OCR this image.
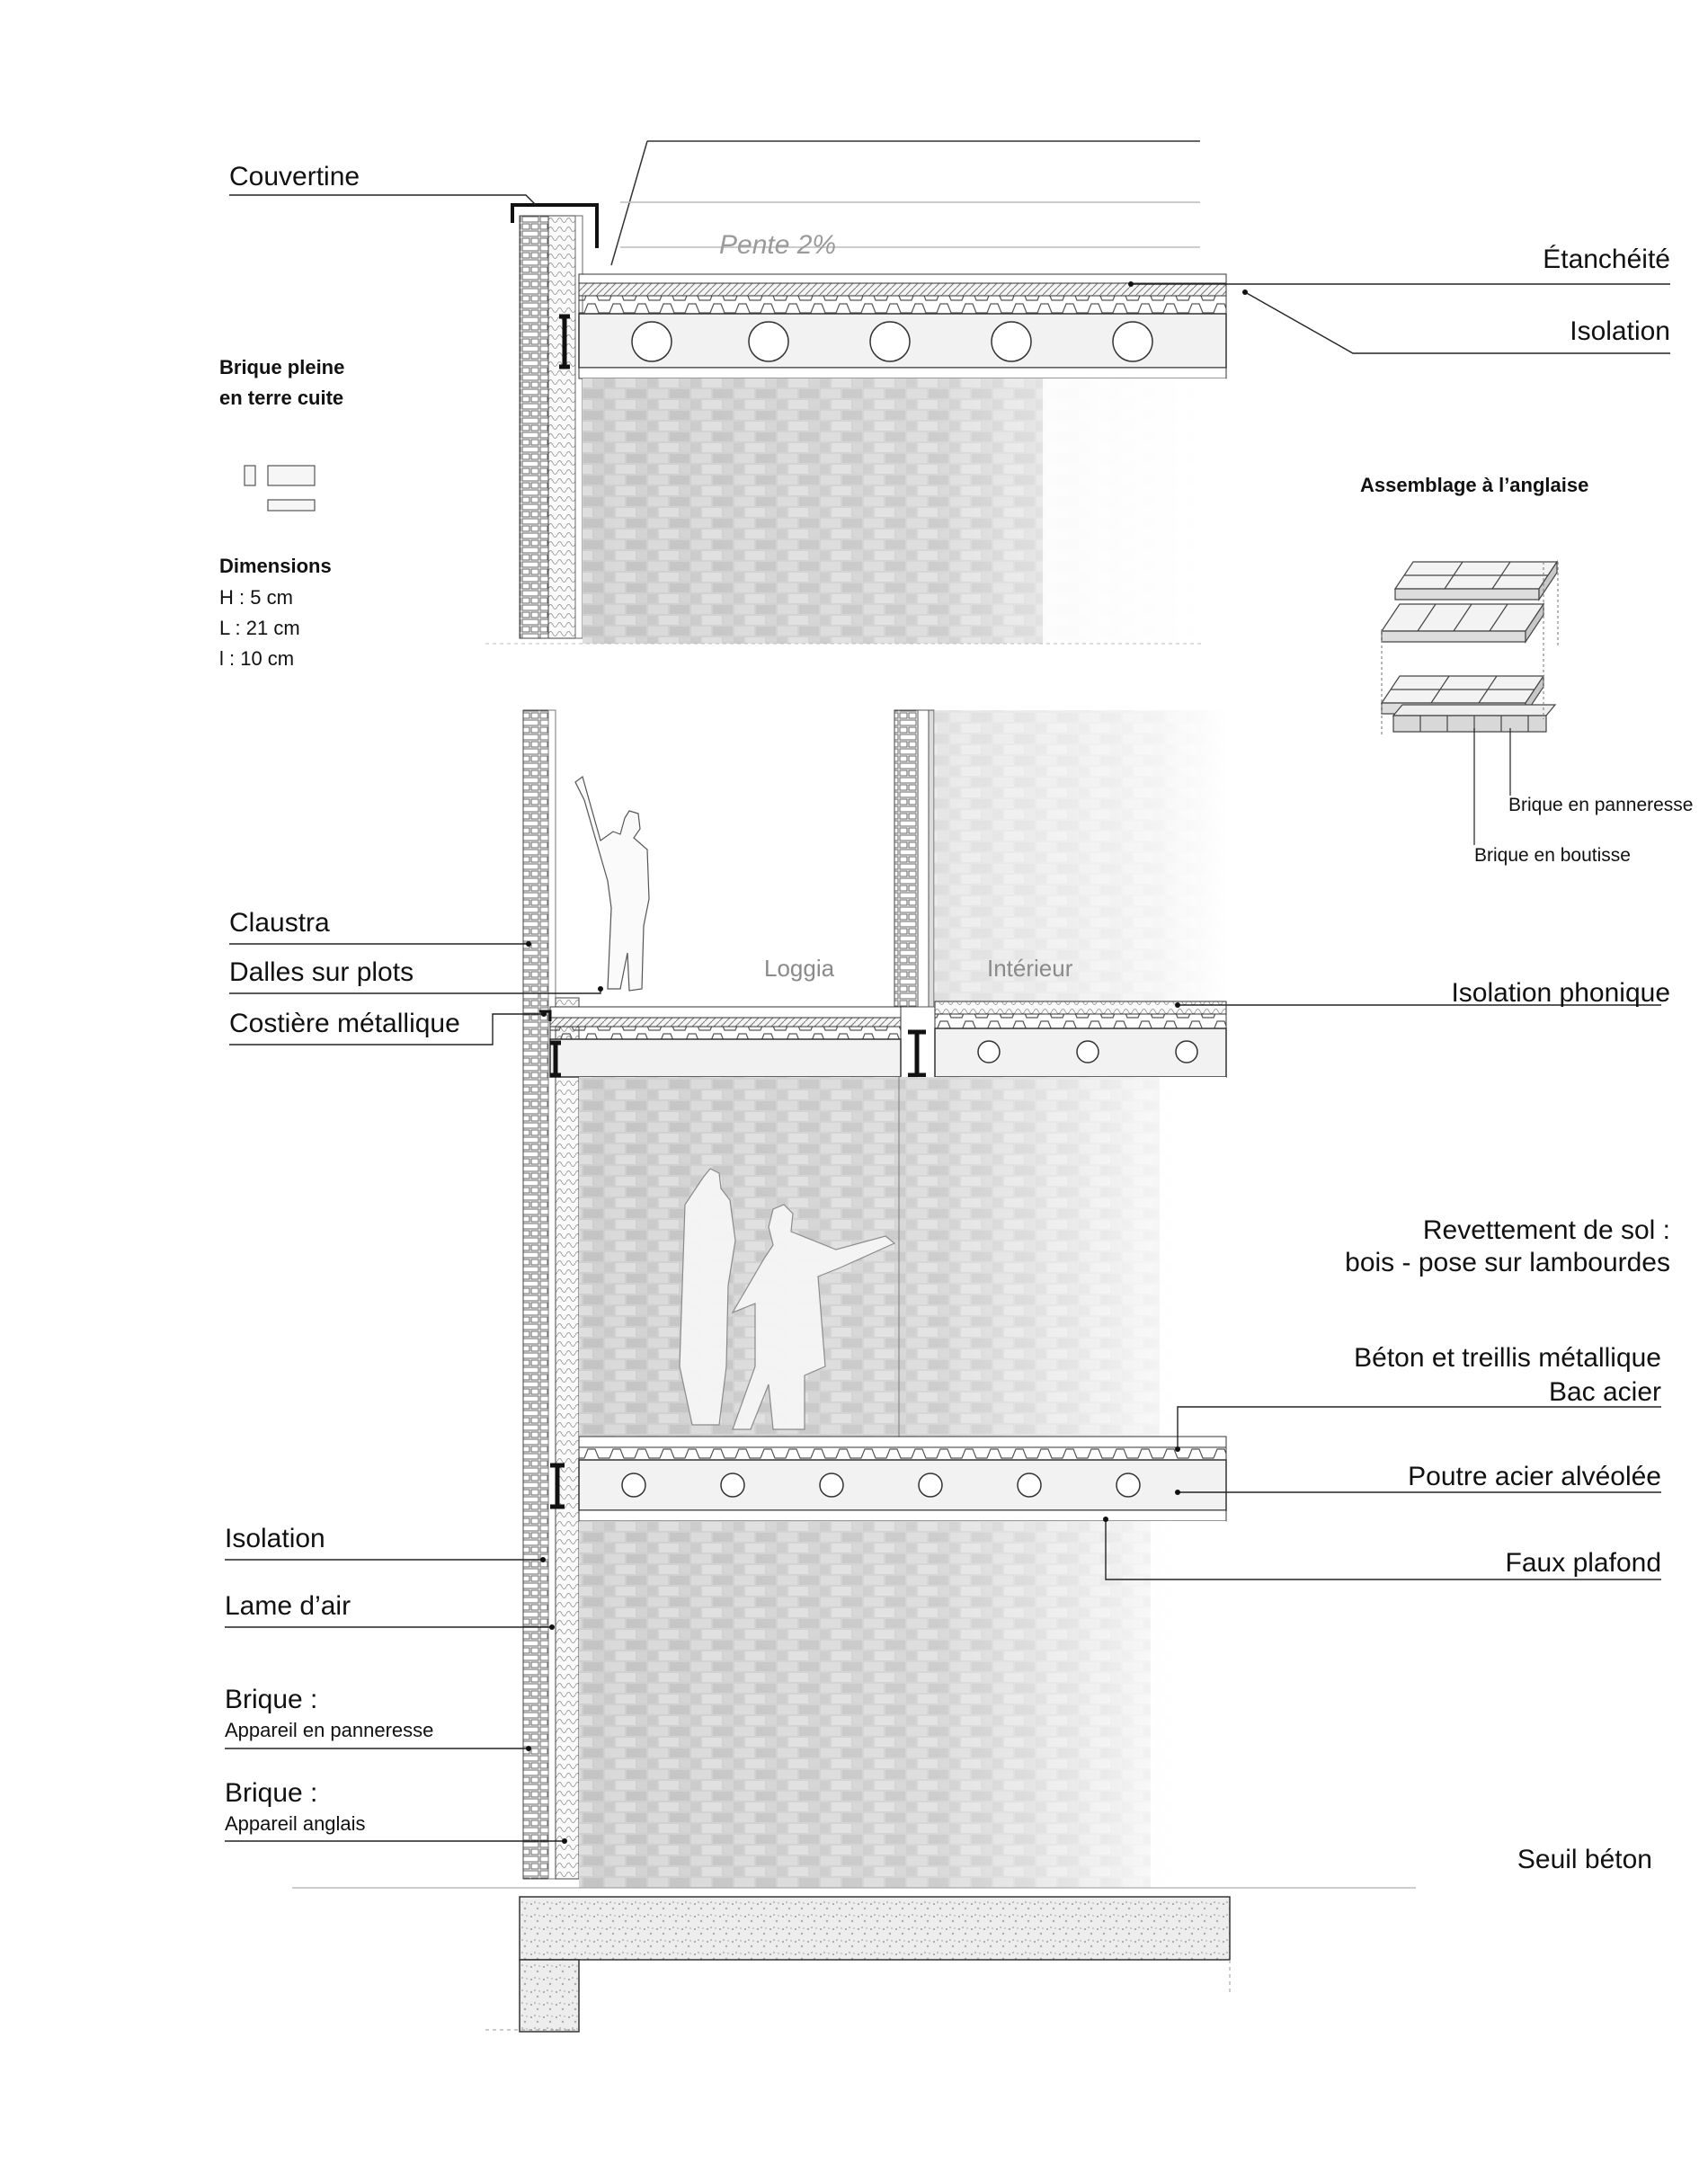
Couvertine
Claustra
Dalles sur plots
Costière métallique
Isolation
Lame d’air
Brique :
Appareil en panneresse
Brique :
Appareil anglais
Brique pleine
en terre cuite
Dimensions
H : 5 cm
L : 21 cm
l : 10 cm
Assemblage à l’anglaise
Brique en panneresse
Brique en boutisse
Étanchéité
Isolation
Isolation phonique
Revettement de sol :
bois - pose sur lambourdes
Béton et treillis métallique
Bac acier
Poutre acier alvéolée
Faux plafond
Seuil béton
Pente 2%
Loggia	Intérieur
